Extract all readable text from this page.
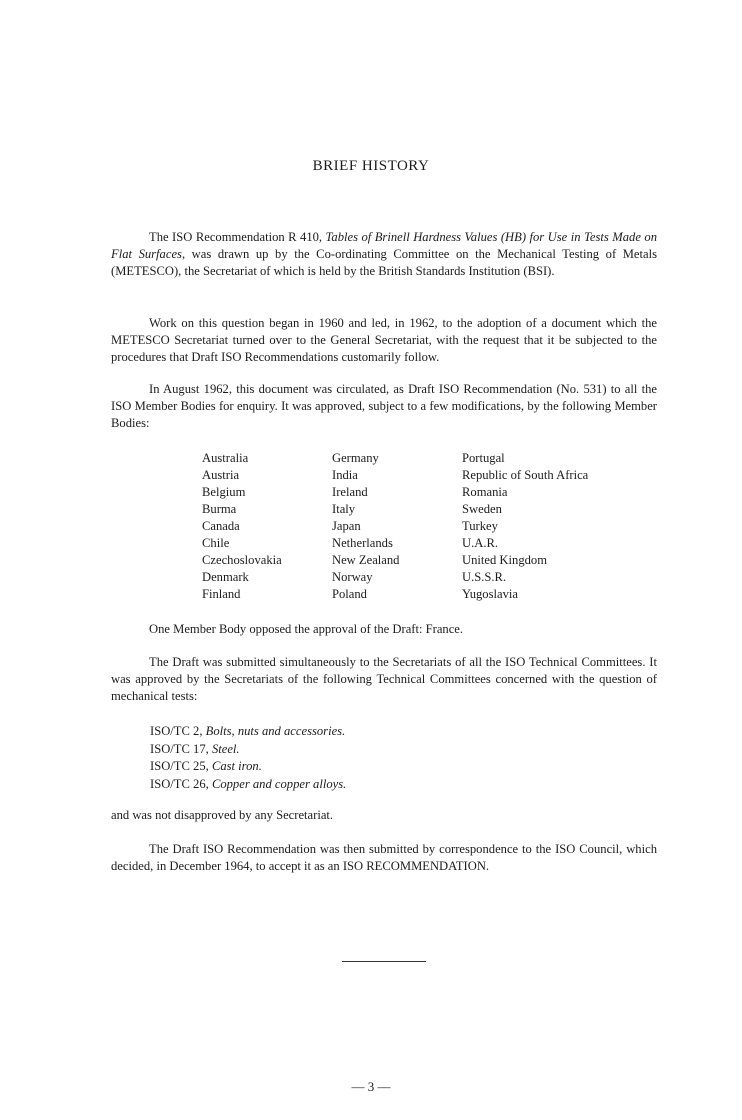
BRIEF HISTORY

The ISO Recommendation R 410, Tables of Brinell Hardness Values (HB) for Use in Tests Made on Flat Surfaces, was drawn up by the Co-ordinating Committee on the Mechanical Testing of Metals (METESCO), the Secretariat of which is held by the British Standards Institution (BSI).

Work on this question began in 1960 and led, in 1962, to the adoption of a document which the METESCO Secretariat turned over to the General Secretariat, with the request that it be subjected to the procedures that Draft ISO Recommendations customarily follow.

In August 1962, this document was circulated, as Draft ISO Recommendation (No. 531) to all the ISO Member Bodies for enquiry. It was approved, subject to a few modifications, by the following Member Bodies:

Australia
Austria
Belgium
Burma
Canada
Chile
Czechoslovakia
Denmark
Finland
Germany
India
Ireland
Italy
Japan
Netherlands
New Zealand
Norway
Poland
Portugal
Republic of South Africa
Romania
Sweden
Turkey
U.A.R.
United Kingdom
U.S.S.R.
Yugoslavia

One Member Body opposed the approval of the Draft: France.

The Draft was submitted simultaneously to the Secretariats of all the ISO Technical Committees. It was approved by the Secretariats of the following Technical Committees concerned with the question of mechanical tests:

ISO/TC 2, Bolts, nuts and accessories.
ISO/TC 17, Steel.
ISO/TC 25, Cast iron.
ISO/TC 26, Copper and copper alloys.

and was not disapproved by any Secretariat.

The Draft ISO Recommendation was then submitted by correspondence to the ISO Council, which decided, in December 1964, to accept it as an ISO RECOMMENDATION.

— 3 —
